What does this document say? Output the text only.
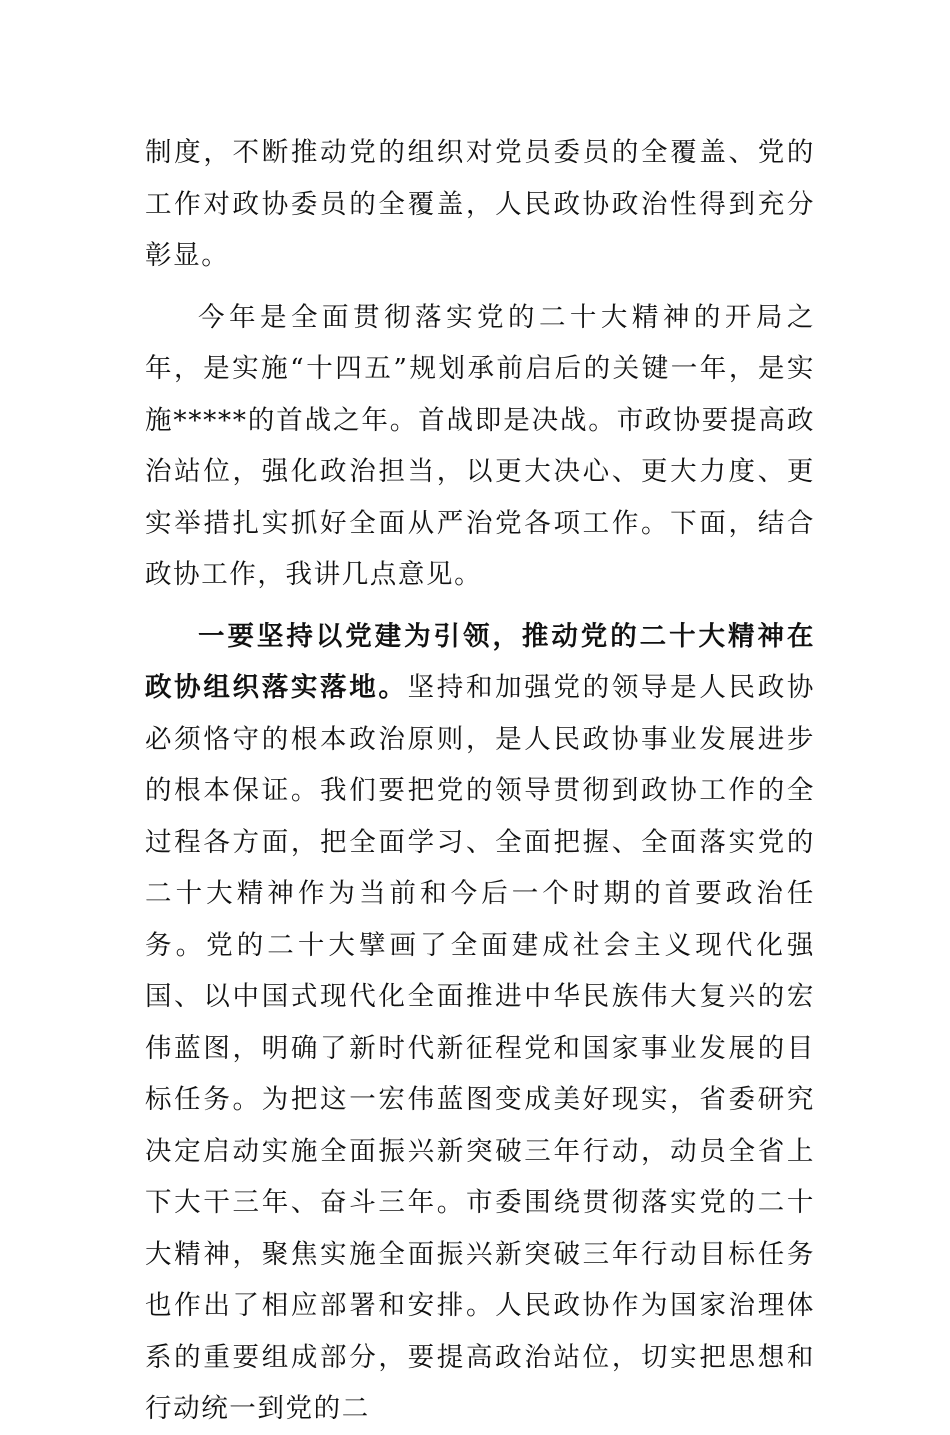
制度，不断推动党的组织对党员委员的全覆盖、党的工作对政协委员的全覆盖，人民政协政治性得到充分彰显。

今年是全面贯彻落实党的二十大精神的开局之年，是实施“十四五”规划承前启后的关键一年，是实施*****的首战之年。首战即是决战。市政协要提高政治站位，强化政治担当，以更大决心、更大力度、更实举措扎实抓好全面从严治党各项工作。下面，结合政协工作，我讲几点意见。

一要坚持以党建为引领，推动党的二十大精神在政协组织落实落地。坚持和加强党的领导是人民政协必须恪守的根本政治原则，是人民政协事业发展进步的根本保证。我们要把党的领导贯彻到政协工作的全过程各方面，把全面学习、全面把握、全面落实党的二十大精神作为当前和今后一个时期的首要政治任务。党的二十大擘画了全面建成社会主义现代化强国、以中国式现代化全面推进中华民族伟大复兴的宏伟蓝图，明确了新时代新征程党和国家事业发展的目标任务。为把这一宏伟蓝图变成美好现实，省委研究决定启动实施全面振兴新突破三年行动，动员全省上下大干三年、奋斗三年。市委围绕贯彻落实党的二十大精神，聚焦实施全面振兴新突破三年行动目标任务也作出了相应部署和安排。人民政协作为国家治理体系的重要组成部分，要提高政治站位，切实把思想和行动统一到党的二
